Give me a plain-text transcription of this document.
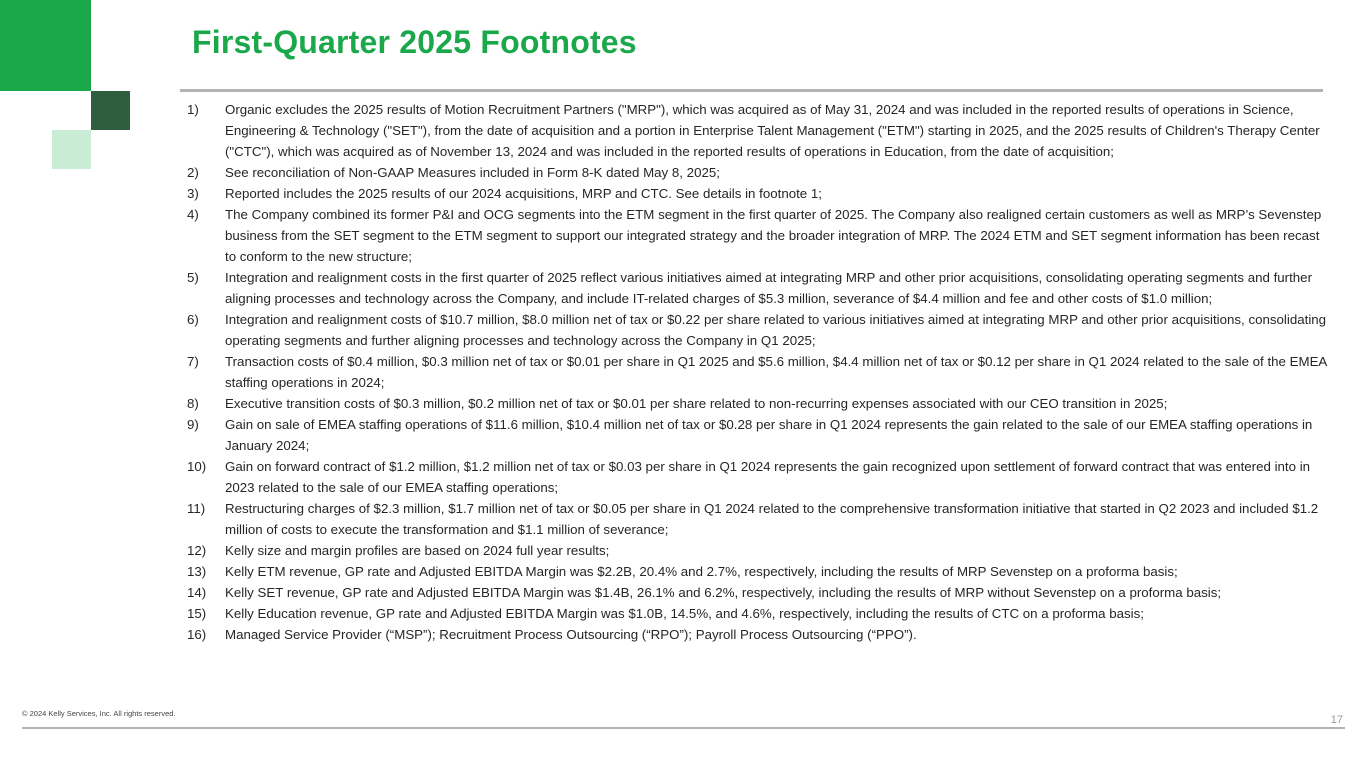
First-Quarter 2025 Footnotes
1)	Organic excludes the 2025 results of Motion Recruitment Partners ("MRP"), which was acquired as of May 31, 2024 and was included in the reported results of operations in Science, Engineering & Technology ("SET"), from the date of acquisition and a portion in Enterprise Talent Management ("ETM") starting in 2025, and the 2025 results of Children's Therapy Center ("CTC"), which was acquired as of November 13, 2024 and was included in the reported results of operations in Education, from the date of acquisition;
2)	See reconciliation of Non-GAAP Measures included in Form 8-K dated May 8, 2025;
3)	Reported includes the 2025 results of our 2024 acquisitions, MRP and CTC. See details in footnote 1;
4)	The Company combined its former P&I and OCG segments into the ETM segment in the first quarter of 2025. The Company also realigned certain customers as well as MRP’s Sevenstep business from the SET segment to the ETM segment to support our integrated strategy and the broader integration of MRP. The 2024 ETM and SET segment information has been recast to conform to the new structure;
5)	Integration and realignment costs in the first quarter of 2025 reflect various initiatives aimed at integrating MRP and other prior acquisitions, consolidating operating segments and further aligning processes and technology across the Company, and include IT-related charges of $5.3 million, severance of $4.4 million and fee and other costs of $1.0 million;
6)	Integration and realignment costs of $10.7 million, $8.0 million net of tax or $0.22 per share related to various initiatives aimed at integrating MRP and other prior acquisitions, consolidating operating segments and further aligning processes and technology across the Company in Q1 2025;
7)	Transaction costs of $0.4 million, $0.3 million net of tax or $0.01 per share in Q1 2025 and $5.6 million, $4.4 million net of tax or $0.12 per share in Q1 2024 related to the sale of the EMEA staffing operations in 2024;
8)	Executive transition costs of $0.3 million, $0.2 million net of tax or $0.01 per share related to non-recurring expenses associated with our CEO transition in 2025;
9)	Gain on sale of EMEA staffing operations of $11.6 million, $10.4 million net of tax or $0.28 per share in Q1 2024 represents the gain related to the sale of our EMEA staffing operations in January 2024;
10)	Gain on forward contract of $1.2 million, $1.2 million net of tax or $0.03 per share in Q1 2024 represents the gain recognized upon settlement of forward contract that was entered into in 2023 related to the sale of our EMEA staffing operations;
11)	Restructuring charges of $2.3 million, $1.7 million net of tax or $0.05 per share in Q1 2024 related to the comprehensive transformation initiative that started in Q2 2023 and included $1.2 million of costs to execute the transformation and $1.1 million of severance;
12)	Kelly size and margin profiles are based on 2024 full year results;
13)	Kelly ETM revenue, GP rate and Adjusted EBITDA Margin was $2.2B, 20.4% and 2.7%, respectively, including the results of MRP Sevenstep on a proforma basis;
14)	Kelly SET revenue, GP rate and Adjusted EBITDA Margin was $1.4B, 26.1% and 6.2%, respectively, including the results of MRP without Sevenstep on a proforma basis;
15)	Kelly Education revenue, GP rate and Adjusted EBITDA Margin was $1.0B, 14.5%, and 4.6%, respectively, including the results of CTC on a proforma basis;
16)	Managed Service Provider (“MSP”); Recruitment Process Outsourcing (“RPO”); Payroll Process Outsourcing (“PPO”).
© 2024 Kelly Services, Inc. All rights reserved.
17
